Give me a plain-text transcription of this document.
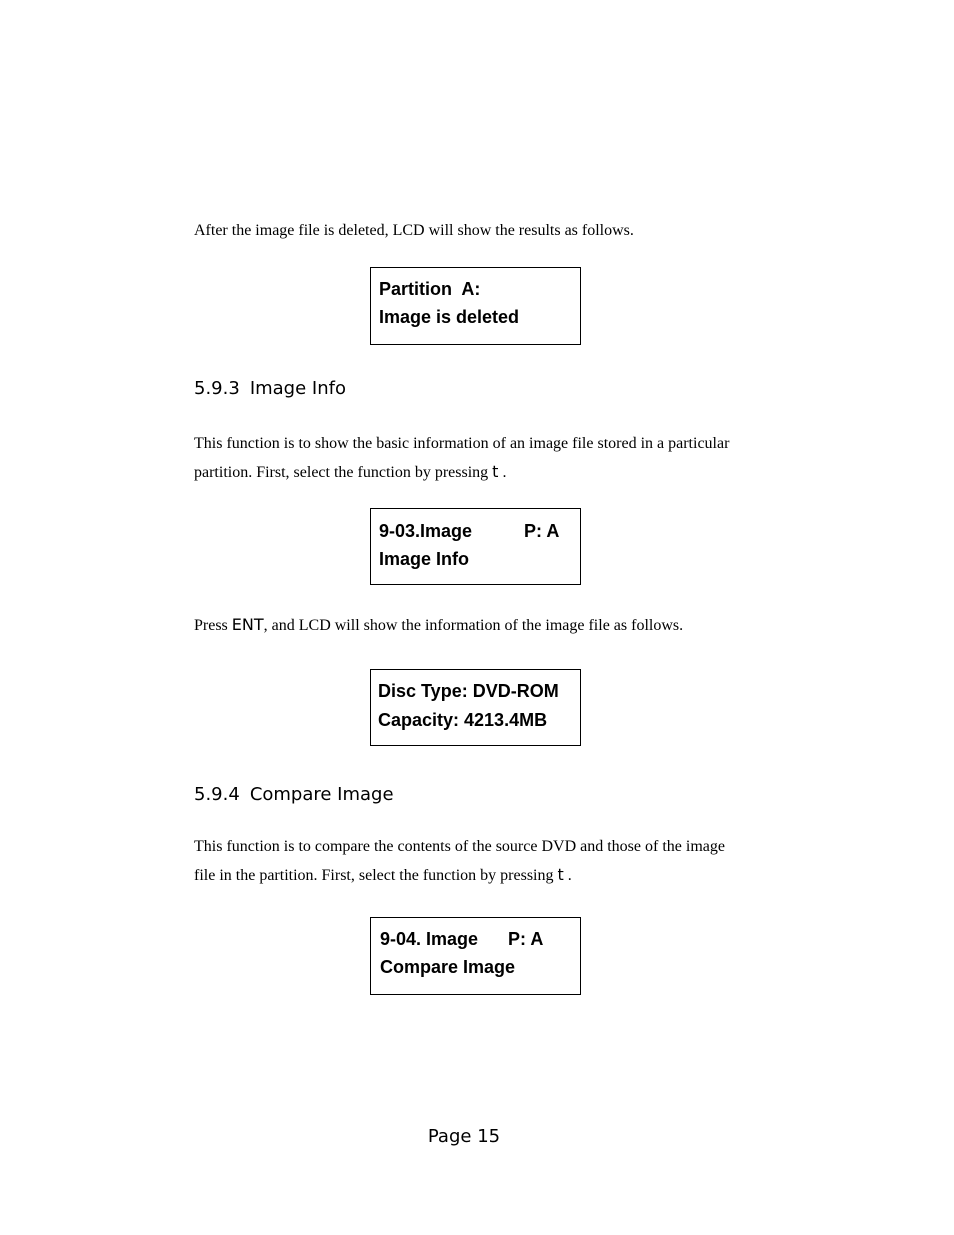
After the image file is deleted, LCD will show the results as follows.

Partition  A:
Image is deleted
5.9.3 Image Info

This function is to show the basic information of an image file stored in a particular

partition. First, select the function by pressing t .

9-03.Image	P: A
Image Info

Press ENT, and LCD will show the information of the image file as follows.

Disc Type: DVD-ROM
Capacity: 4213.4MB
5.9.4 Compare Image

This function is to compare the contents of the source DVD and those of the image

file in the partition. First, select the function by pressing t .

9-04. Image P: A
Compare Image
Page 15
